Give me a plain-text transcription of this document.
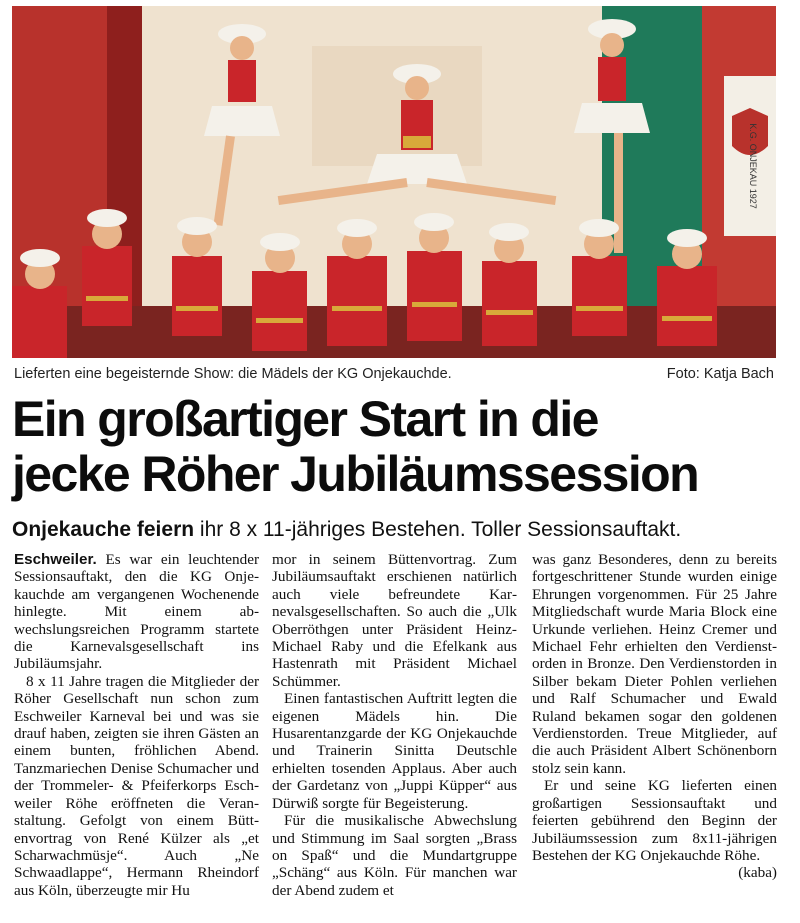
K.G. ONJEKAU 1927
Lieferten eine begeisternde Show: die Mädels der KG Onjekauchde.	Foto: Katja Bach
Ein großartiger Start in die
jecke Röher Jubiläumssession
Onjekauche feiern ihr 8 x 11-jähriges Bestehen. Toller Sessionsauftakt.

Eschweiler. Es war ein leuchtender Sessionsauftakt, den die KG Onjekauchde am vergangenen Wochenende hinlegte. Mit einem abwechslungsreichen Programm startete die Karnevalsgesellschaft ins Jubiläumsjahr.

8 x 11 Jahre tragen die Mitglieder der Röher Gesellschaft nun schon zum Eschweiler Karneval bei und was sie drauf haben, zeigten sie ihren Gästen an einem bunten, fröhlichen Abend. Tanzmariechen Denise Schumacher und der Trommeler- & Pfeiferkorps Eschweiler Röhe eröffneten die Veranstaltung. Gefolgt von einem Büttenvortrag von René Külzer als „et Scharwachmüsje“. Auch „Ne Schwaadlappe“, Hermann Rheindorf aus Köln, überzeugte mir Hu

mor in seinem Büttenvortrag. Zum Jubiläumsauftakt erschienen natürlich auch viele befreundete Karnevalsgesellschaften. So auch die „Ulk Oberröthgen unter Präsident Heinz-Michael Raby und die Efelkank aus Hastenrath mit Präsident Michael Schümmer.

Einen fantastischen Auftritt legten die eigenen Mädels hin. Die Husarentanzgarde der KG Onjekauchde und Trainerin Sinitta Deutschle erhielten tosenden Applaus. Aber auch der Gardetanz von „Juppi Küpper“ aus Dürwiß sorgte für Begeisterung.

Für die musikalische Abwechslung und Stimmung im Saal sorgten „Brass on Spaß“ und die Mundartgruppe „Schäng“ aus Köln. Für manchen war der Abend zudem et

was ganz Besonderes, denn zu bereits fortgeschrittener Stunde wurden einige Ehrungen vorgenommen. Für 25 Jahre Mitgliedschaft wurde Maria Block eine Urkunde verliehen. Heinz Cremer und Michael Fehr erhielten den Verdienstorden in Bronze. Den Verdienstorden in Silber bekam Dieter Pohlen verliehen und Ralf Schumacher und Ewald Ruland bekamen sogar den goldenen Verdienstorden. Treue Mitglieder, auf die auch Präsident Albert Schönenborn stolz sein kann.

Er und seine KG lieferten einen großartigen Sessionsauftakt und feierten gebührend den Beginn der Jubiläumssession zum 8x11-jährigen Bestehen der KG Onjekauchde Röhe.
(kaba)
